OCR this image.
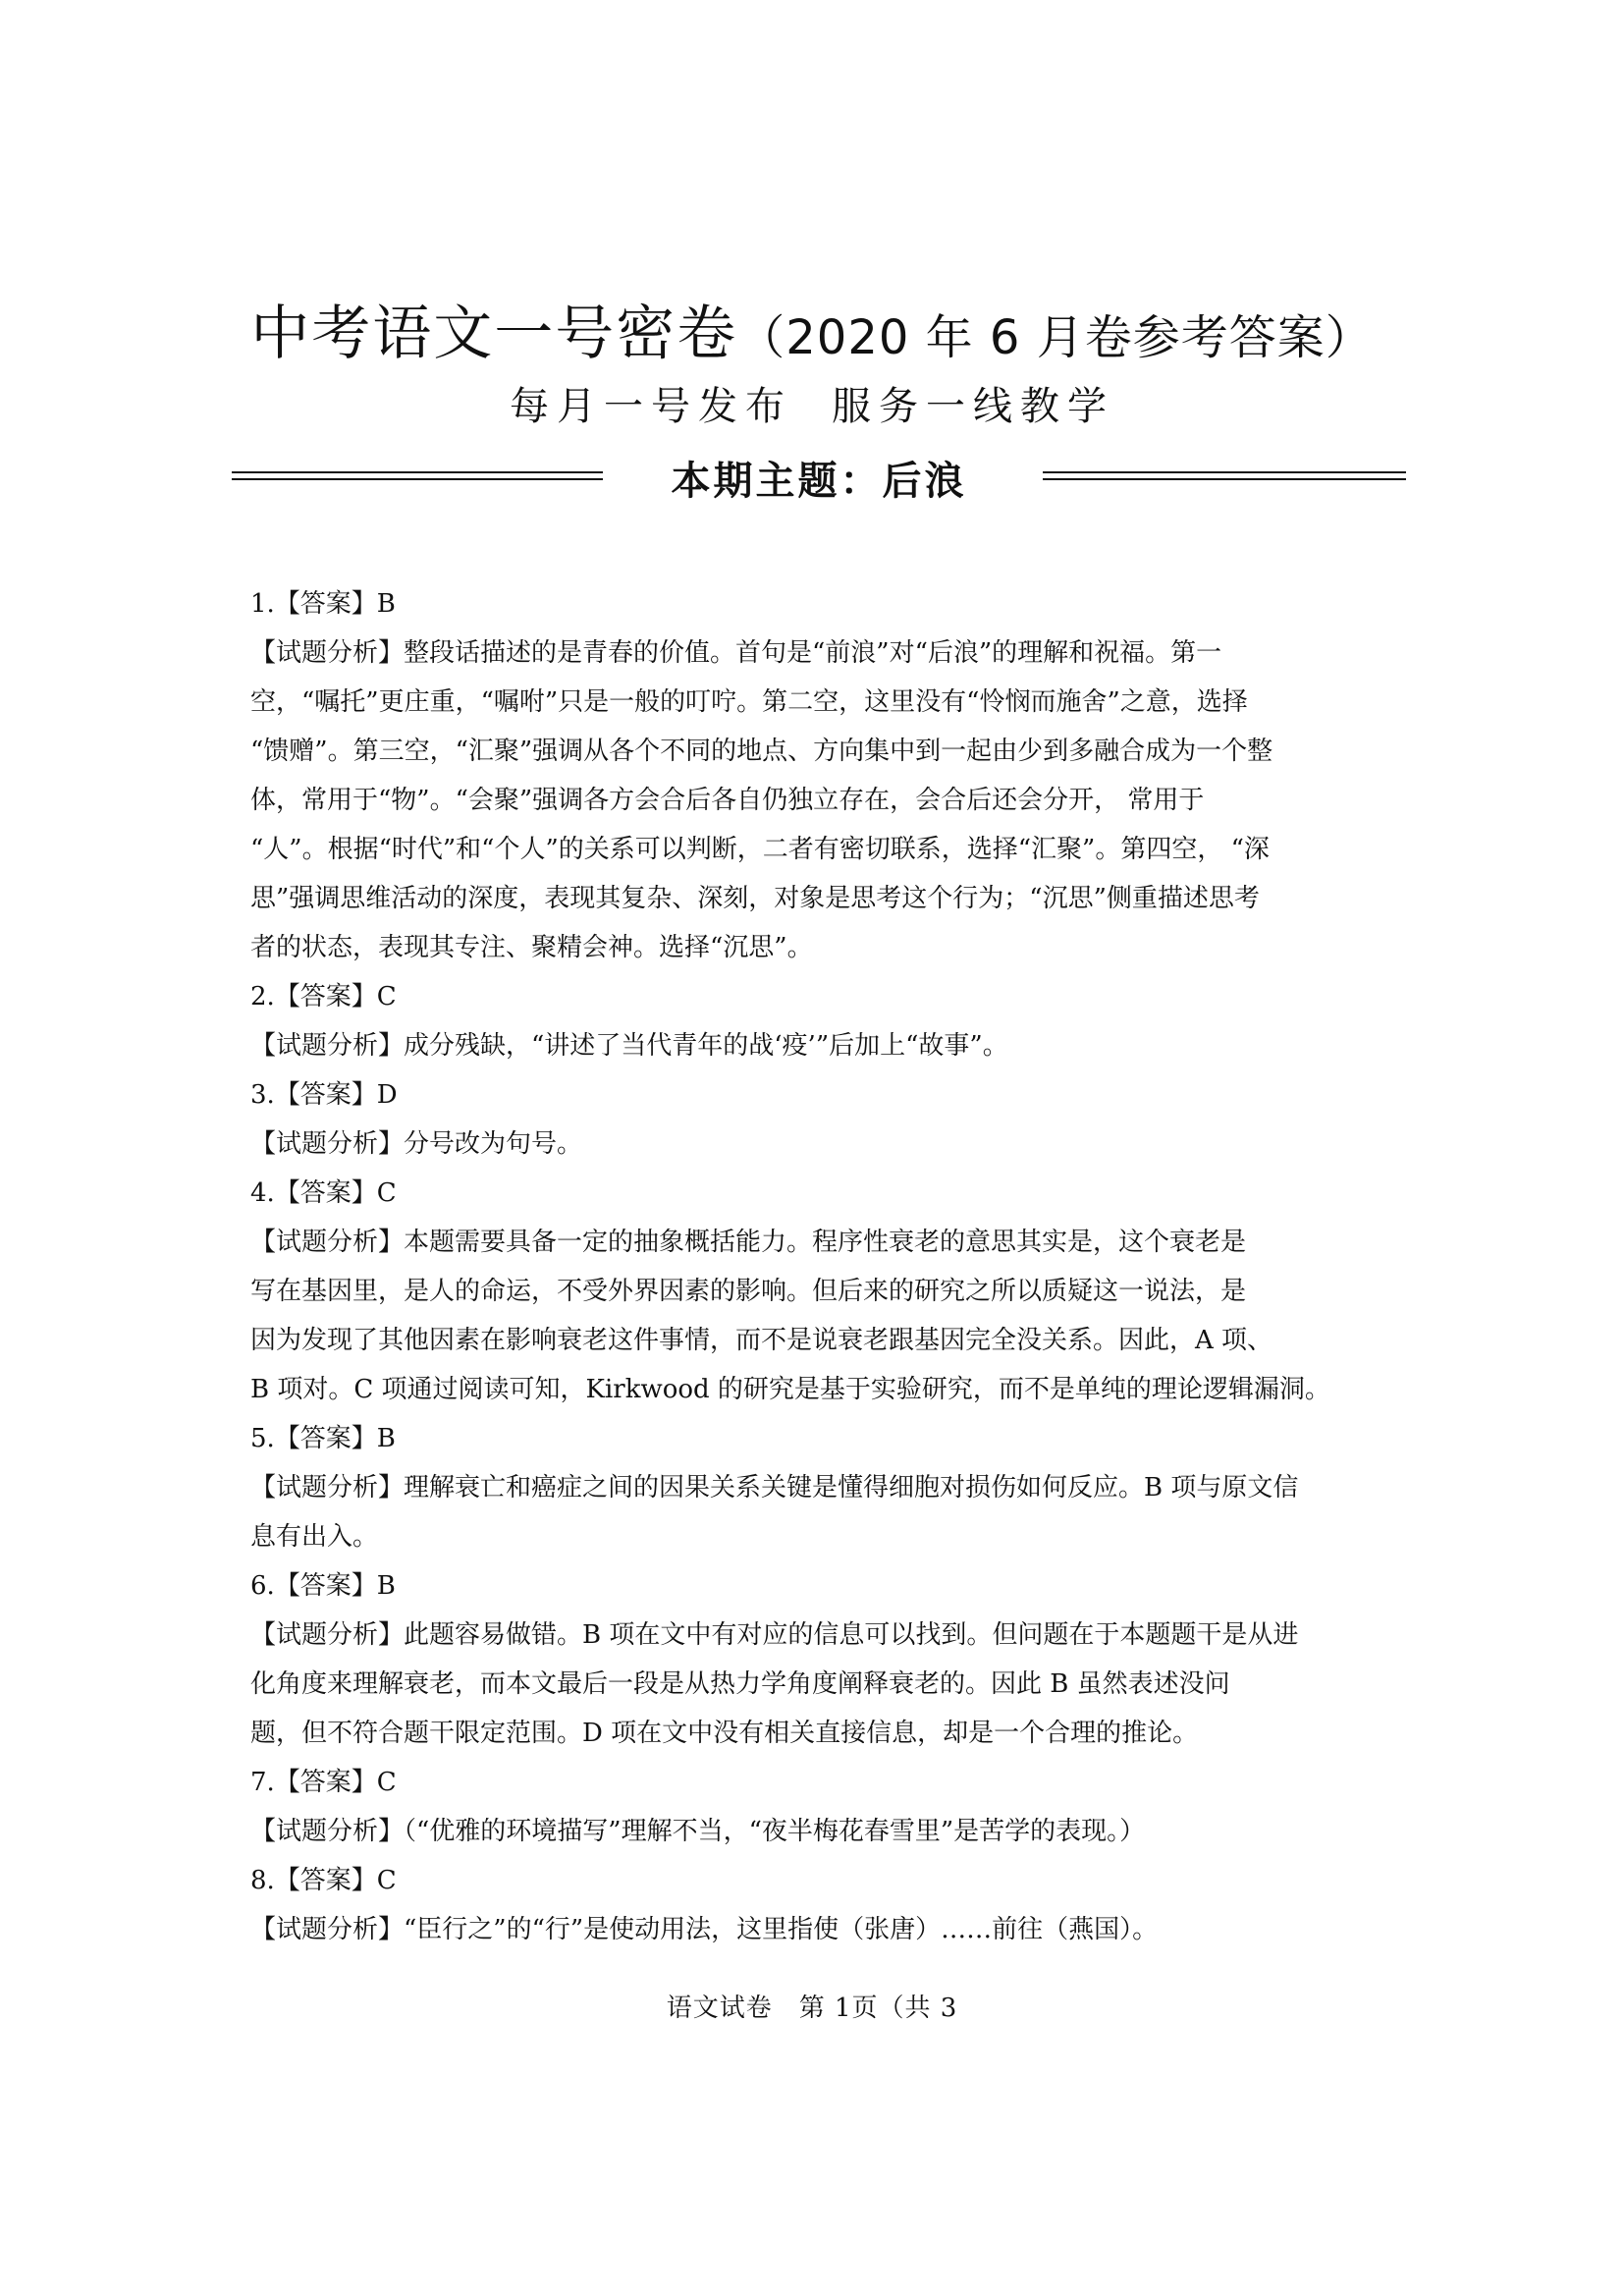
中考语文一号密卷（2020 年 6 月卷参考答案）
每月一号发布 服务一线教学
本期主题：后浪
1.【答案】B
【试题分析】整段话描述的是青春的价值。首句是“前浪”对“后浪”的理解和祝福。第一
空，“嘱托”更庄重，“嘱咐”只是一般的叮咛。第二空，这里没有“怜悯而施舍”之意，选择
“馈赠”。第三空，“汇聚”强调从各个不同的地点、方向集中到一起由少到多融合成为一个整
体，常用于“物”。“会聚”强调各方会合后各自仍独立存在，会合后还会分开， 常用于
“人”。根据“时代”和“个人”的关系可以判断，二者有密切联系，选择“汇聚”。第四空， “深
思”强调思维活动的深度，表现其复杂、深刻，对象是思考这个行为；“沉思”侧重描述思考
者的状态，表现其专注、聚精会神。选择“沉思”。
2.【答案】C
【试题分析】成分残缺，“讲述了当代青年的战‘疫’”后加上“故事”。
3.【答案】D
【试题分析】分号改为句号。
4.【答案】C
【试题分析】本题需要具备一定的抽象概括能力。程序性衰老的意思其实是，这个衰老是
写在基因里，是人的命运，不受外界因素的影响。但后来的研究之所以质疑这一说法，是
因为发现了其他因素在影响衰老这件事情，而不是说衰老跟基因完全没关系。因此，A 项、
B 项对。C 项通过阅读可知，Kirkwood 的研究是基于实验研究，而不是单纯的理论逻辑漏洞。
5.【答案】B
【试题分析】理解衰亡和癌症之间的因果关系关键是懂得细胞对损伤如何反应。B 项与原文信
息有出入。
6.【答案】B
【试题分析】此题容易做错。B 项在文中有对应的信息可以找到。但问题在于本题题干是从进
化角度来理解衰老，而本文最后一段是从热力学角度阐释衰老的。因此 B 虽然表述没问
题，但不符合题干限定范围。D 项在文中没有相关直接信息，却是一个合理的推论。
7.【答案】C
【试题分析】（“优雅的环境描写”理解不当，“夜半梅花春雪里”是苦学的表现。）
8.【答案】C
【试题分析】“臣行之”的“行”是使动用法，这里指使（张唐）……前往（燕国）。
语文试卷　第 1页（共 3
